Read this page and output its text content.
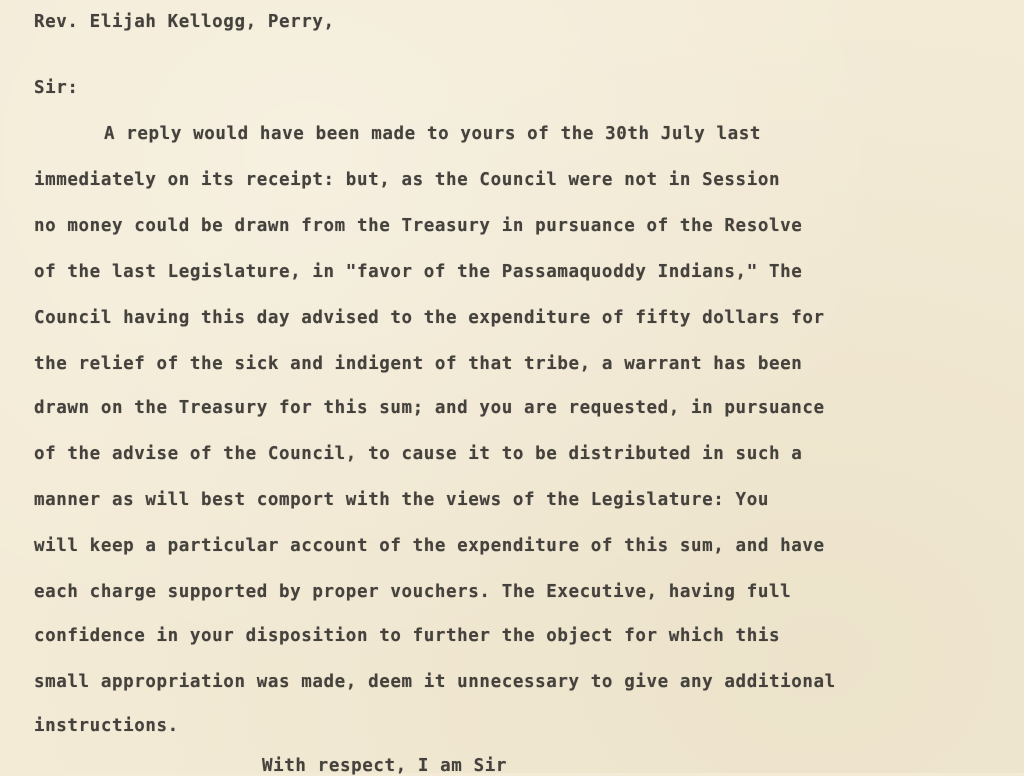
Rev. Elijah Kellogg, Perry,
Sir:
A reply would have been made to yours of the 30th July last
immediately on its receipt: but, as the Council were not in Session
no money could be drawn from the Treasury in pursuance of the Resolve
of the last Legislature, in "favor of the Passamaquoddy Indians," The
Council having this day advised to the expenditure of fifty dollars for
the relief of the sick and indigent of that tribe, a warrant has been
drawn on the Treasury for this sum; and you are requested, in pursuance
of the advise of the Council, to cause it to be distributed in such a
manner as will best comport with the views of the Legislature: You
will keep a particular account of the expenditure of this sum, and have
each charge supported by proper vouchers. The Executive, having full
confidence in your disposition to further the object for which this
small appropriation was made, deem it unnecessary to give any additional
instructions.
With respect, I am Sir
